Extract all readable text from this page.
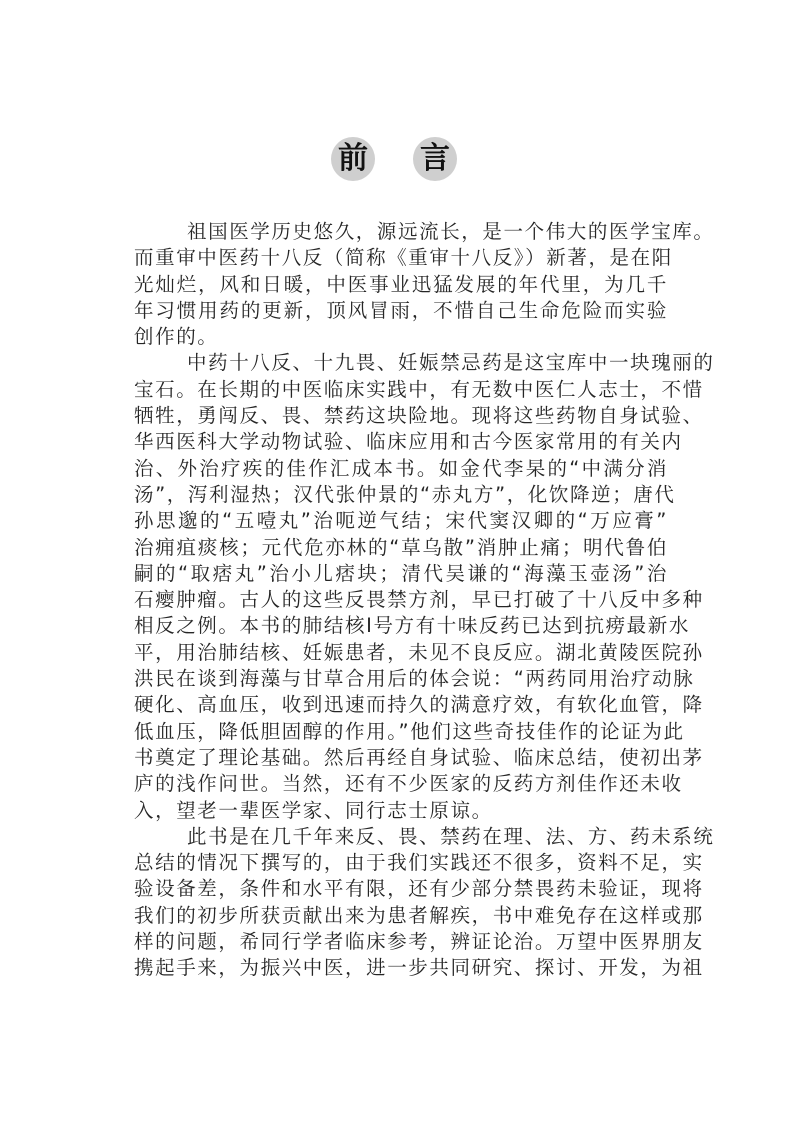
前 言
祖国医学历史悠久，源远流长，是一个伟大的医学宝库。
而重审中医药十八反（简称《重审十八反》）新著，是在阳
光灿烂，风和日暖，中医事业迅猛发展的年代里，为几千
年习惯用药的更新，顶风冒雨，不惜自己生命危险而实验
创作的。
中药十八反、十九畏、妊娠禁忌药是这宝库中一块瑰丽的
宝石。在长期的中医临床实践中，有无数中医仁人志士，不惜
牺牲，勇闯反、畏、禁药这块险地。现将这些药物自身试验、
华西医科大学动物试验、临床应用和古今医家常用的有关内
治、外治疗疾的佳作汇成本书。如金代李杲的“中满分消
汤”，泻利湿热；汉代张仲景的“赤丸方”，化饮降逆；唐代
孙思邈的“五噎丸”治呃逆气结；宋代窦汉卿的“万应膏”
治痈疽痰核；元代危亦林的“草乌散”消肿止痛；明代鲁伯
嗣的“取痞丸”治小儿痞块；清代吴谦的“海藻玉壶汤”治
石瘿肿瘤。古人的这些反畏禁方剂，早已打破了十八反中多种
相反之例。本书的肺结核Ⅰ号方有十味反药已达到抗痨最新水
平，用治肺结核、妊娠患者，未见不良反应。湖北黄陵医院孙
洪民在谈到海藻与甘草合用后的体会说：“两药同用治疗动脉
硬化、高血压，收到迅速而持久的满意疗效，有软化血管，降
低血压，降低胆固醇的作用。”他们这些奇技佳作的论证为此
书奠定了理论基础。然后再经自身试验、临床总结，使初出茅
庐的浅作问世。当然，还有不少医家的反药方剂佳作还未收
入，望老一辈医学家、同行志士原谅。
此书是在几千年来反、畏、禁药在理、法、方、药未系统
总结的情况下撰写的，由于我们实践还不很多，资料不足，实
验设备差，条件和水平有限，还有少部分禁畏药未验证，现将
我们的初步所获贡献出来为患者解疾，书中难免存在这样或那
样的问题，希同行学者临床参考，辨证论治。万望中医界朋友
携起手来，为振兴中医，进一步共同研究、探讨、开发，为祖
